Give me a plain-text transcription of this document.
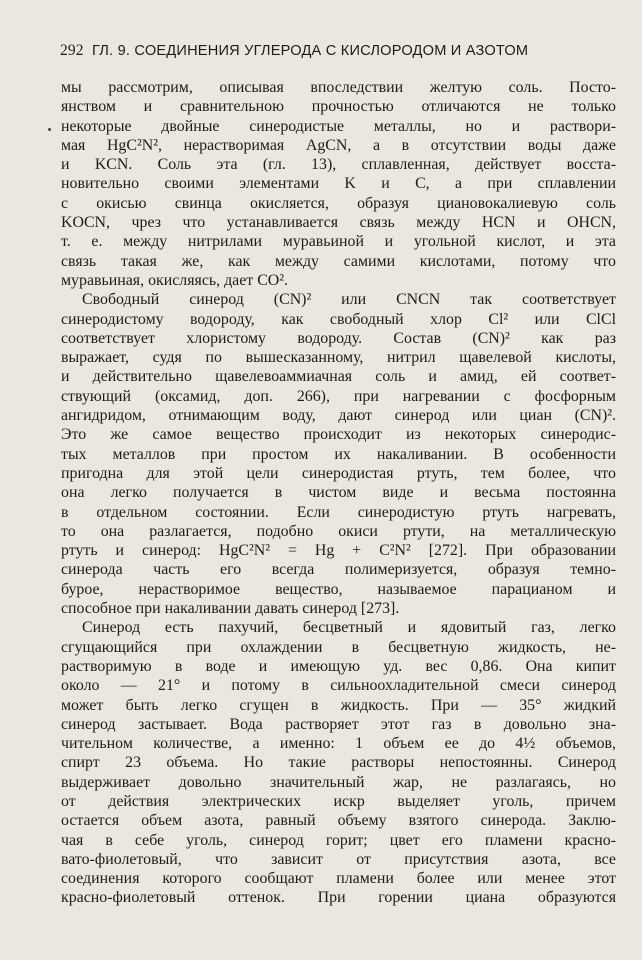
292 ГЛ. 9. СОЕДИНЕНИЯ УГЛЕРОДА С КИСЛОРОДОМ И АЗОТОМ
мы рассмотрим, описывая впоследствии желтую соль. Посто-
янством и сравнительною прочностью отличаются не только
некоторые двойные синеродистые металлы, но и раствори-
мая HgC²N², нерастворимая AgCN, а в отсутствии воды даже
и KCN. Соль эта (гл. 13), сплавленная, действует восста-
новительно своими элементами K и C, а при сплавлении
с окисью свинца окисляется, образуя циановокалиевую соль
KOCN, чрез что устанавливается связь между HCN и OHCN,
т. е. между нитрилами муравьиной и угольной кислот, и эта
связь такая же, как между самими кислотами, потому что
муравьиная, окисляясь, дает CO².
Свободный синерод (CN)² или CNCN так соответствует
синеродистому водороду, как свободный хлор Cl² или ClCl
соответствует хлористому водороду. Состав (CN)² как раз
выражает, судя по вышесказанному, нитрил щавелевой кислоты,
и действительно щавелевоаммиачная соль и амид, ей соответ-
ствующий (оксамид, доп. 266), при нагревании с фосфорным
ангидридом, отнимающим воду, дают синерод или циан (CN)².
Это же самое вещество происходит из некоторых синеродис-
тых металлов при простом их накаливании. В особенности
пригодна для этой цели синеродистая ртуть, тем более, что
она легко получается в чистом виде и весьма постоянна
в отдельном состоянии. Если синеродистую ртуть нагревать,
то она разлагается, подобно окиси ртути, на металлическую
ртуть и синерод: HgC²N² = Hg + C²N² [272]. При образовании
синерода часть его всегда полимеризуется, образуя темно-
бурое, нерастворимое вещество, называемое парацианом и
способное при накаливании давать синерод [273].
Синерод есть пахучий, бесцветный и ядовитый газ, легко
сгущающийся при охлаждении в бесцветную жидкость, не-
растворимую в воде и имеющую уд. вес 0,86. Она кипит
около — 21° и потому в сильноохладительной смеси синерод
может быть легко сгущен в жидкость. При — 35° жидкий
синерод застывает. Вода растворяет этот газ в довольно зна-
чительном количестве, а именно: 1 объем ее до 4½ объемов,
спирт 23 объема. Но такие растворы непостоянны. Синерод
выдерживает довольно значительный жар, не разлагаясь, но
от действия электрических искр выделяет уголь, причем
остается объем азота, равный объему взятого синерода. Заклю-
чая в себе уголь, синерод горит; цвет его пламени красно-
вато-фиолетовый, что зависит от присутствия азота, все
соединения которого сообщают пламени более или менее этот
красно-фиолетовый оттенок. При горении циана образуются
